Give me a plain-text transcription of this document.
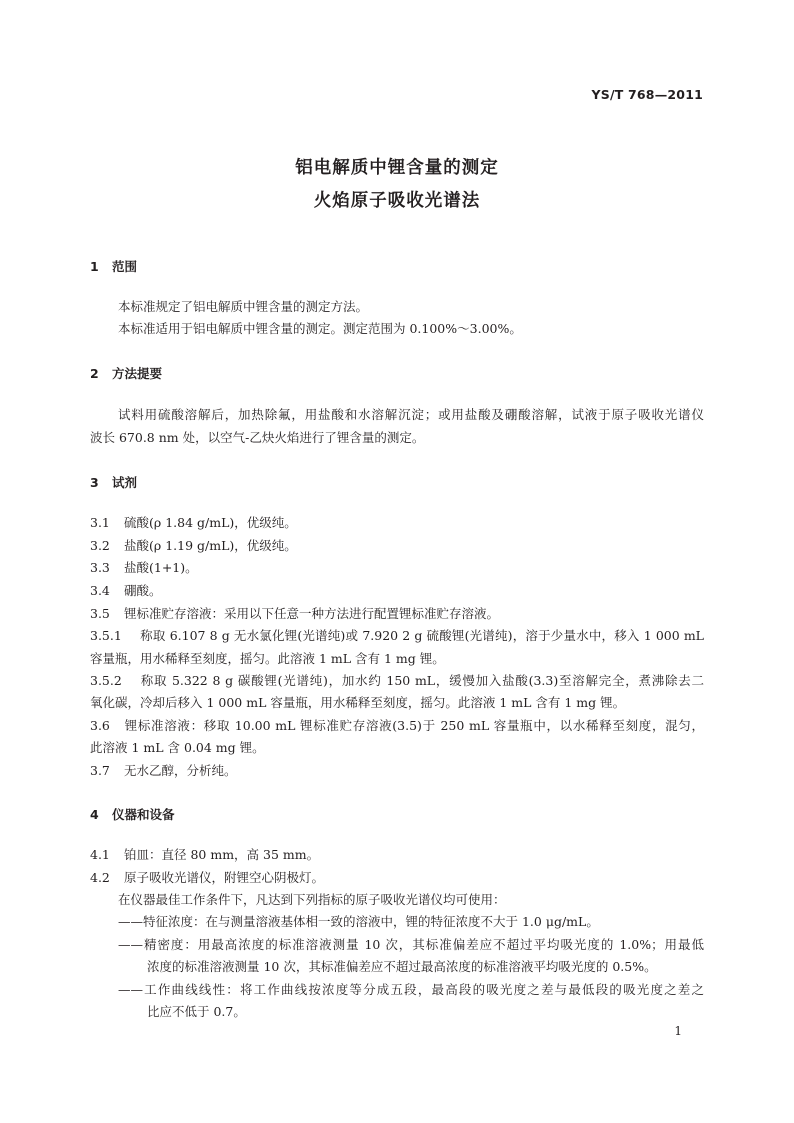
YS/T 768—2011
铝电解质中锂含量的测定
火焰原子吸收光谱法
1 范围
本标准规定了铝电解质中锂含量的测定方法。
本标准适用于铝电解质中锂含量的测定。测定范围为 0.100%～3.00%。
2 方法提要
试料用硫酸溶解后，加热除氟，用盐酸和水溶解沉淀；或用盐酸及硼酸溶解，试液于原子吸收光谱仪
波长 670.8 nm 处，以空气-乙炔火焰进行了锂含量的测定。
3 试剂
3.1 硫酸(ρ 1.84 g/mL)，优级纯。
3.2 盐酸(ρ 1.19 g/mL)，优级纯。
3.3 盐酸(1+1)。
3.4 硼酸。
3.5 锂标准贮存溶液：采用以下任意一种方法进行配置锂标准贮存溶液。
3.5.1 称取 6.107 8 g 无水氯化锂(光谱纯)或 7.920 2 g 硫酸锂(光谱纯)，溶于少量水中，移入 1 000 mL
容量瓶，用水稀释至刻度，摇匀。此溶液 1 mL 含有 1 mg 锂。
3.5.2 称取 5.322 8 g 碳酸锂(光谱纯)，加水约 150 mL，缓慢加入盐酸(3.3)至溶解完全，煮沸除去二
氧化碳，冷却后移入 1 000 mL 容量瓶，用水稀释至刻度，摇匀。此溶液 1 mL 含有 1 mg 锂。
3.6 锂标准溶液：移取 10.00 mL 锂标准贮存溶液(3.5)于 250 mL 容量瓶中，以水稀释至刻度，混匀，
此溶液 1 mL 含 0.04 mg 锂。
3.7 无水乙醇，分析纯。
4 仪器和设备
4.1 铂皿：直径 80 mm，高 35 mm。
4.2 原子吸收光谱仪，附锂空心阴极灯。
在仪器最佳工作条件下，凡达到下列指标的原子吸收光谱仪均可使用：
——特征浓度：在与测量溶液基体相一致的溶液中，锂的特征浓度不大于 1.0 μg/mL。
——精密度：用最高浓度的标准溶液测量 10 次，其标准偏差应不超过平均吸光度的 1.0%；用最低
浓度的标准溶液测量 10 次，其标准偏差应不超过最高浓度的标准溶液平均吸光度的 0.5%。
——工作曲线线性：将工作曲线按浓度等分成五段，最高段的吸光度之差与最低段的吸光度之差之
比应不低于 0.7。
1
